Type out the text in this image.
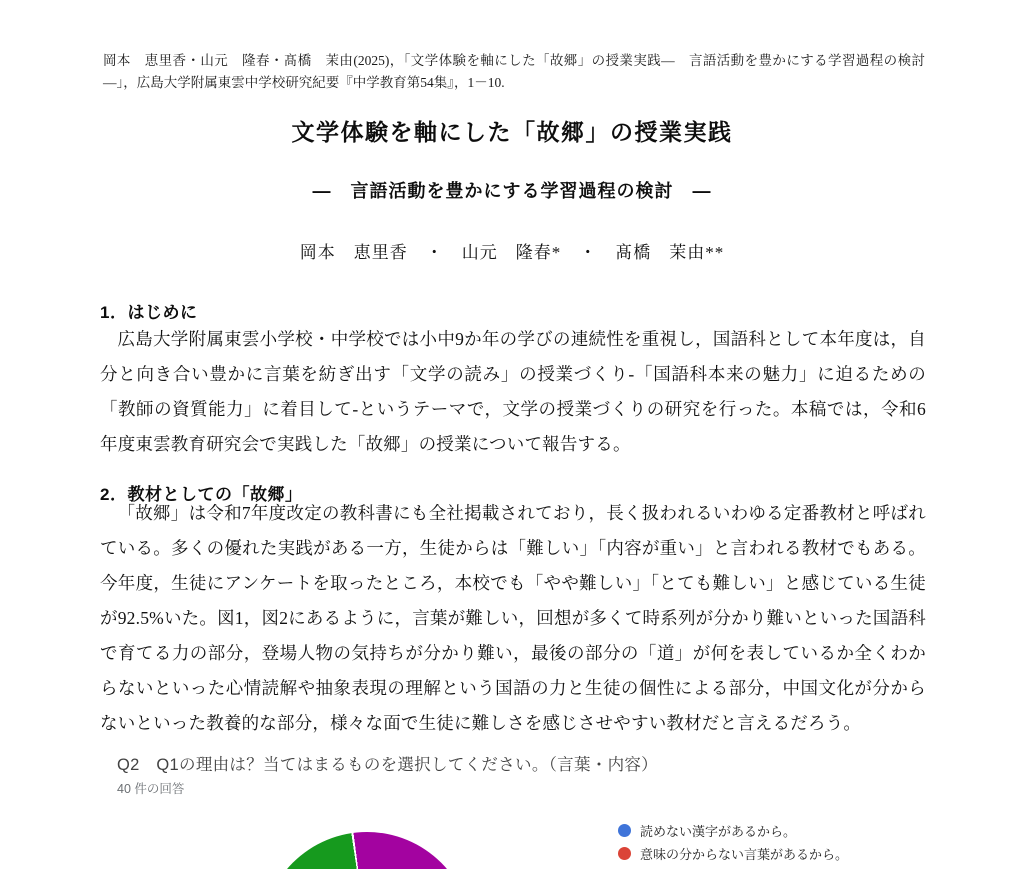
岡本　恵里香・山元　隆春・髙橋　茉由(2025)，「文学体験を軸にした「故郷」の授業実践―　言語活動を豊かにする学習過程の検討　―」，広島大学附属東雲中学校研究紀要『中学教育第54集』，1－10.
文学体験を軸にした「故郷」の授業実践
―　言語活動を豊かにする学習過程の検討　―
岡本　恵里香　・　山元　隆春*　・　髙橋　茉由**
1．はじめに
広島大学附属東雲小学校・中学校では小中9か年の学びの連続性を重視し，国語科として本年度は，自分と向き合い豊かに言葉を紡ぎ出す「文学の読み」の授業づくり-「国語科本来の魅力」に迫るための「教師の資質能力」に着目して-というテーマで，文学の授業づくりの研究を行った。本稿では，令和6年度東雲教育研究会で実践した「故郷」の授業について報告する。
2．教材としての「故郷」
「故郷」は令和7年度改定の教科書にも全社掲載されており，長く扱われるいわゆる定番教材と呼ばれている。多くの優れた実践がある一方，生徒からは「難しい」「内容が重い」と言われる教材でもある。今年度，生徒にアンケートを取ったところ，本校でも「やや難しい」「とても難しい」と感じている生徒が92.5%いた。図1，図2にあるように，言葉が難しい，回想が多くて時系列が分かり難いといった国語科で育てる力の部分，登場人物の気持ちが分かり難い，最後の部分の「道」が何を表しているか全くわからないといった心情読解や抽象表現の理解という国語の力と生徒の個性による部分，中国文化が分からないといった教養的な部分，様々な面で生徒に難しさを感じさせやすい教材だと言えるだろう。
Q2　Q1の理由は？当てはまるものを選択してください。（言葉・内容）
40 件の回答
読めない漢字があるから。
意味の分からない言葉があるから。
